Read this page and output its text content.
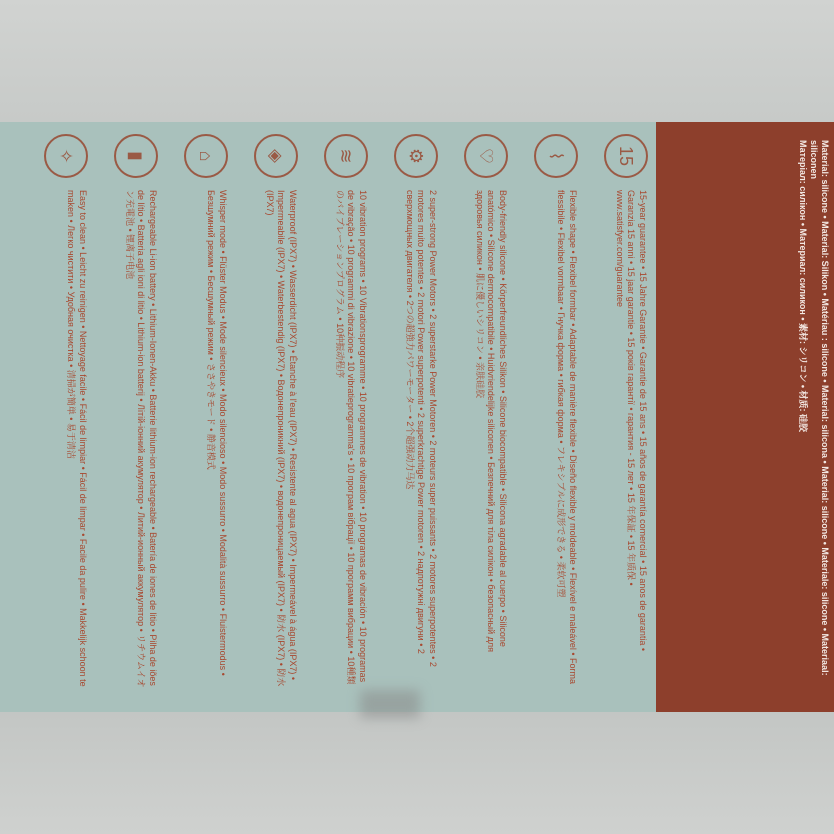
15
15-year guarantee • 15 Jahre Garantie • Garantie de 15 ans • 15 años de garantía comercial • 15 anos de garantia • Garanzia 15 anni • 15 jaar garantie • 15 років гарантії • гарантия - 15 лет • 15 年保証 • 15 年质保 • www.satisfyer.com/guarantee
⌇
Flexible shape • Flexibel formbar • Adaptable de manière flexible • Diseño flexible y moldeable • Flexível e maleável • Forma flessibile • Flexibel vormbaar • Гнучка форма • гибкая форма • フレキシブルに成形できる • 柔软可塑
♡
Body-friendly silicone • Körperfreundliches Silikon • Silicone biocompatible • Silicona agradable al cuerpo • Silicone anatómico • Silicone dermocompatibile • Huidvriendelijke siliconen • Безпечний для тіла силікон • безопасный для здоровья силикон • 肌に優しいシリコン • 亲肤硅胶
⚙
2 super-strong Power Motors • 2 superstarke Power Motoren • 2 moteurs super puissants • 2 motores superpotentes • 2 motores muito potentes • 2 motori Power superpotenti • 2 superkrachtige Power motoren • 2 надпотужні двигуни • 2 сверхмощных двигателя • 2つの超強力パワーモーター • 2个超强动力马达
≋
10 vibration programs • 10 Vibrationsprogramme • 10 programmes de vibration • 10 programas de vibración • 10 programas de vibração • 10 programmi di vibrazione • 10 vibratieprogramma's • 10 програм вібрації • 10 программ вибрации • 10種類のバイブレーションプログラム • 10种振动程序
◈
Waterproof (IPX7) • Wasserdicht (IPX7) • Étanche à l'eau (IPX7) • Resistente al agua (IPX7) • Impermeável à água (IPX7) • Impermeabile (IPX7) • Waterbestendig (IPX7) • Водонепроникний (IPX7) • водонепроницаемый (IPX7) • 防水 (IPX7) • 防水 (IPX7)
⌂
Whisper mode • Flüster Modus • Mode silencieux • Modo silencioso • Modo sussurro • Modalità sussurro • Fluistermodus • Безшумний режим • Бесшумный режим • ささやきモード • 静音模式
▮
Rechargeable Li-ion battery • Lithium-Ionen-Akku • Batterie lithium-ion rechargeable • Batería de iones de litio • Pilha de iões de lítio • Batteria agli ioni di litio • Lithium-ion batterij • Літій-іонний акумулятор • Литий-ионный аккумулятор • リチウムイオン充電池 • 锂离子电池
✧
Easy to clean • Leicht zu reinigen • Nettoyage facile • Fácil de limpiar • Fácil de limpar • Facile da pulire • Makkelijk schoon te maken • Легко чистити • Удобная очистка • 清掃が簡単 • 易于清洁	Material: silicone • Material: Silikon • Matériau : silicone • Material: silicona • Material: silicone • Materiale: silicone • Materiaal: siliconen
Матеріал: силікон • Материал: силикон • 素材: シリコン • 材质: 硅胶
